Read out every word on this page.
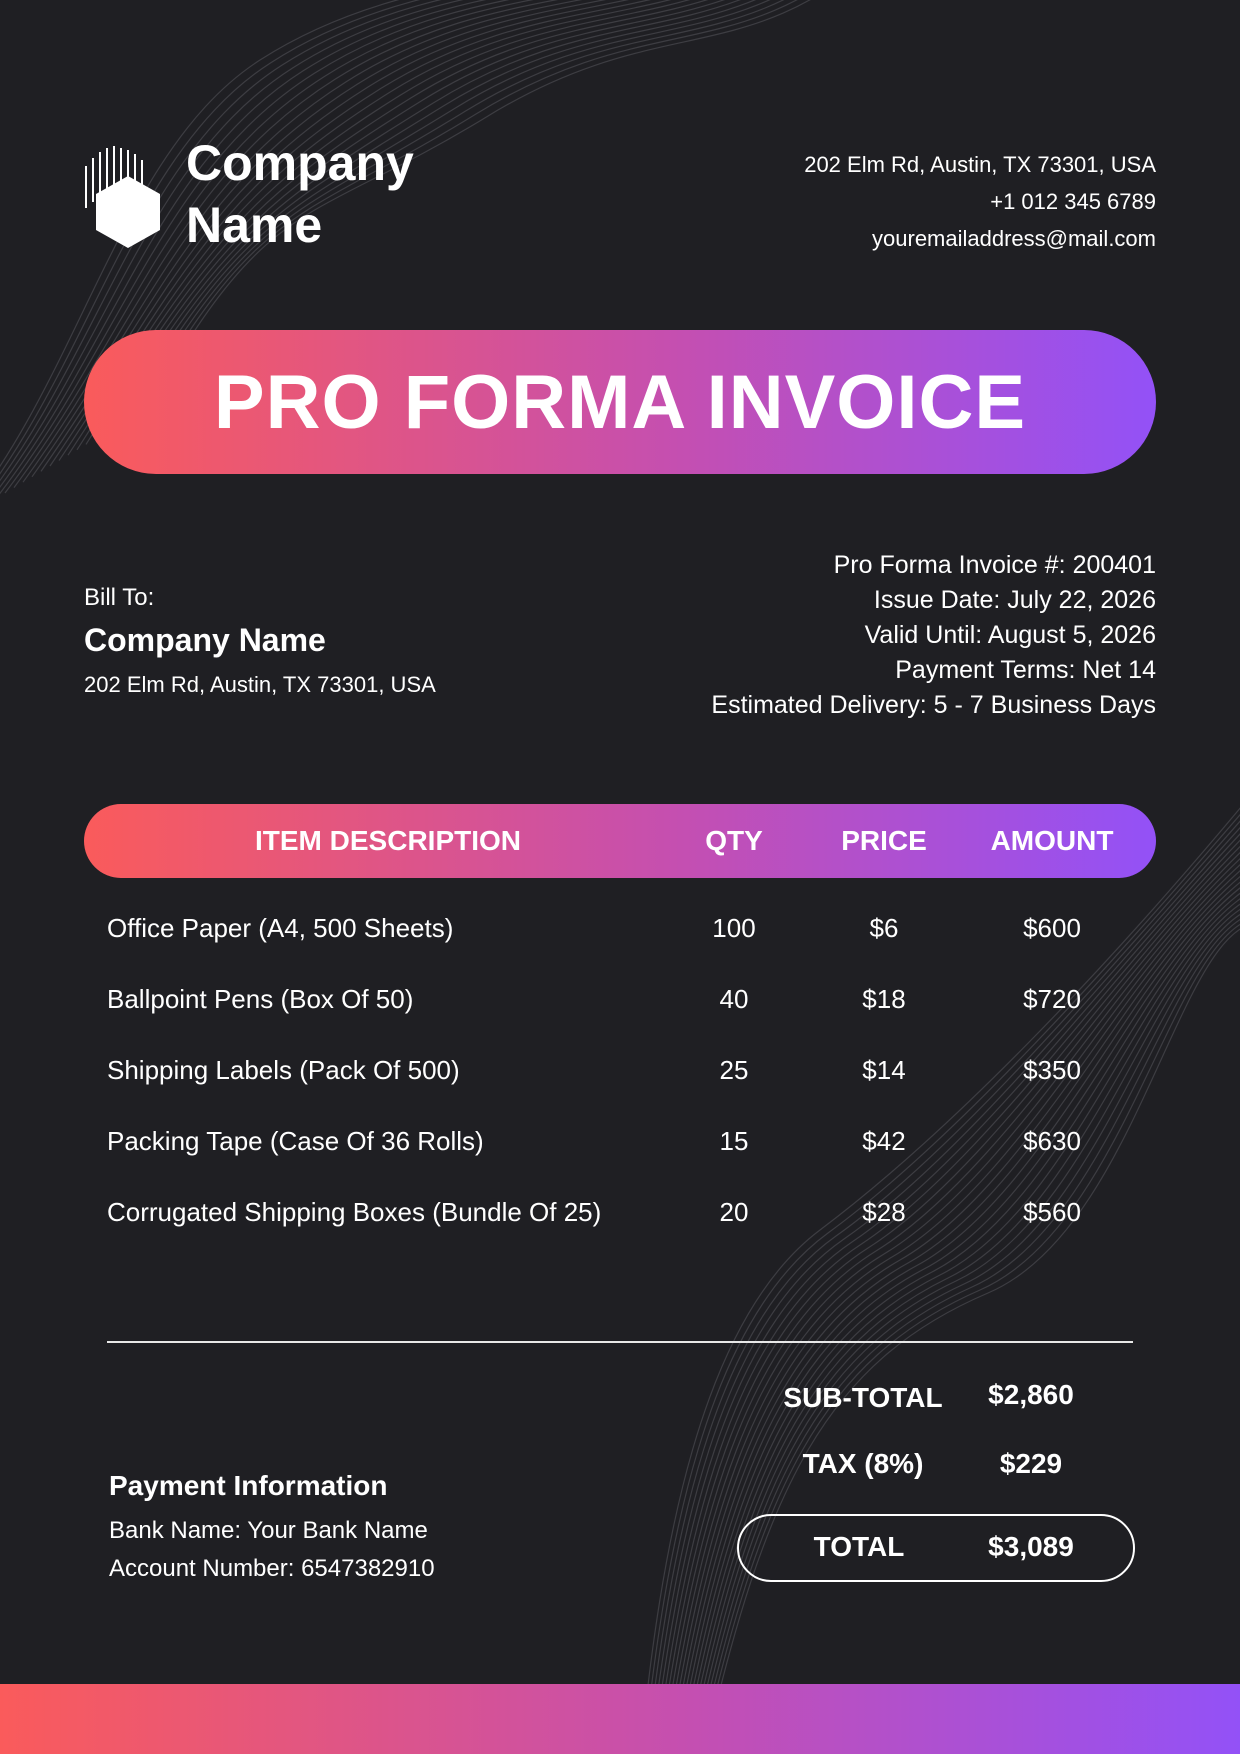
Company Name
202 Elm Rd, Austin, TX 73301, USA
+1 012 345 6789
youremailaddress@mail.com
PRO FORMA INVOICE
Bill To:
Company Name
202 Elm Rd, Austin, TX 73301, USA
Pro Forma Invoice #: 200401
Issue Date: July 22, 2026
Valid Until: August 5, 2026
Payment Terms: Net 14
Estimated Delivery: 5 - 7 Business Days
ITEM DESCRIPTION	QTY	PRICE	AMOUNT
Office Paper (A4, 500 Sheets)	100	$6	$600
Ballpoint Pens (Box Of 50)	40	$18	$720
Shipping Labels (Pack Of 500)	25	$14	$350
Packing Tape (Case Of 36 Rolls)	15	$42	$630
Corrugated Shipping Boxes (Bundle Of 25)	20	$28	$560
SUB-TOTAL	$2,860
TAX (8%)	$229
TOTAL	$3,089
Payment Information
Bank Name: Your Bank Name
Account Number: 6547382910
